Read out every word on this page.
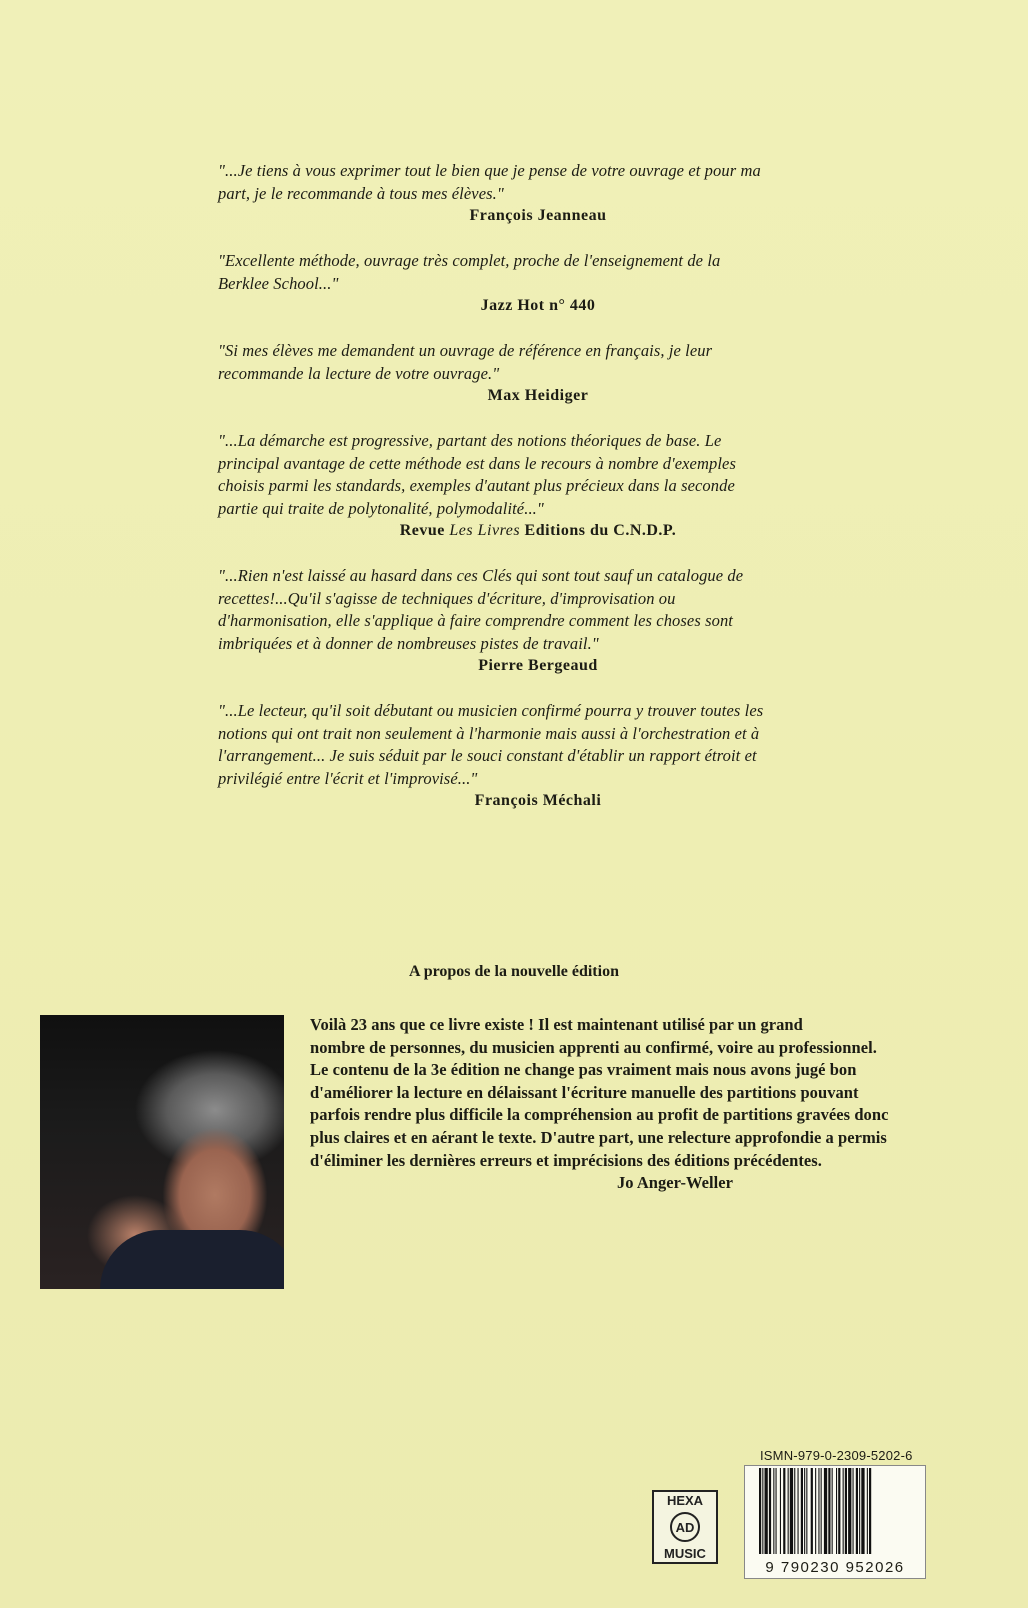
"...Je tiens à vous exprimer tout le bien que je pense de votre ouvrage et pour ma
part, je le recommande à tous mes élèves."
François Jeanneau
"Excellente méthode, ouvrage très complet, proche de l'enseignement de la
Berklee School..."
Jazz Hot n° 440
"Si mes élèves me demandent un ouvrage de référence en français, je leur
recommande la lecture de votre ouvrage."
Max Heidiger
"...La démarche est progressive, partant des notions théoriques de base. Le
principal avantage de cette méthode est dans le recours à nombre d'exemples
choisis parmi les standards, exemples d'autant plus précieux dans la seconde
partie qui traite de polytonalité, polymodalité..."
Revue Les Livres Editions du C.N.D.P.
"...Rien n'est laissé au hasard dans ces Clés qui sont tout sauf un catalogue de
recettes!...Qu'il s'agisse de techniques d'écriture, d'improvisation ou
d'harmonisation, elle s'applique à faire comprendre comment les choses sont
imbriquées et à donner de nombreuses pistes de travail."
Pierre Bergeaud
"...Le lecteur, qu'il soit débutant ou musicien confirmé pourra y trouver toutes les
notions qui ont trait non seulement à l'harmonie mais aussi à l'orchestration et à
l'arrangement... Je suis séduit par le souci constant d'établir un rapport étroit et
privilégié entre l'écrit et l'improvisé..."
François Méchali
A propos de la nouvelle édition
Voilà 23 ans que ce livre existe ! Il est maintenant utilisé par un grand
nombre de personnes, du musicien apprenti au confirmé, voire au professionnel.
Le contenu de la 3e édition ne change pas vraiment mais nous avons jugé bon
d'améliorer la lecture en délaissant l'écriture manuelle des partitions pouvant
parfois rendre plus difficile la compréhension au profit de partitions gravées donc
plus claires et en aérant le texte. D'autre part, une relecture approfondie a permis
d'éliminer les dernières erreurs et imprécisions des éditions précédentes.
Jo Anger-Weller
ISMN-979-0-2309-5202-6
HEXA
AD
MUSIC
9 790230 952026
